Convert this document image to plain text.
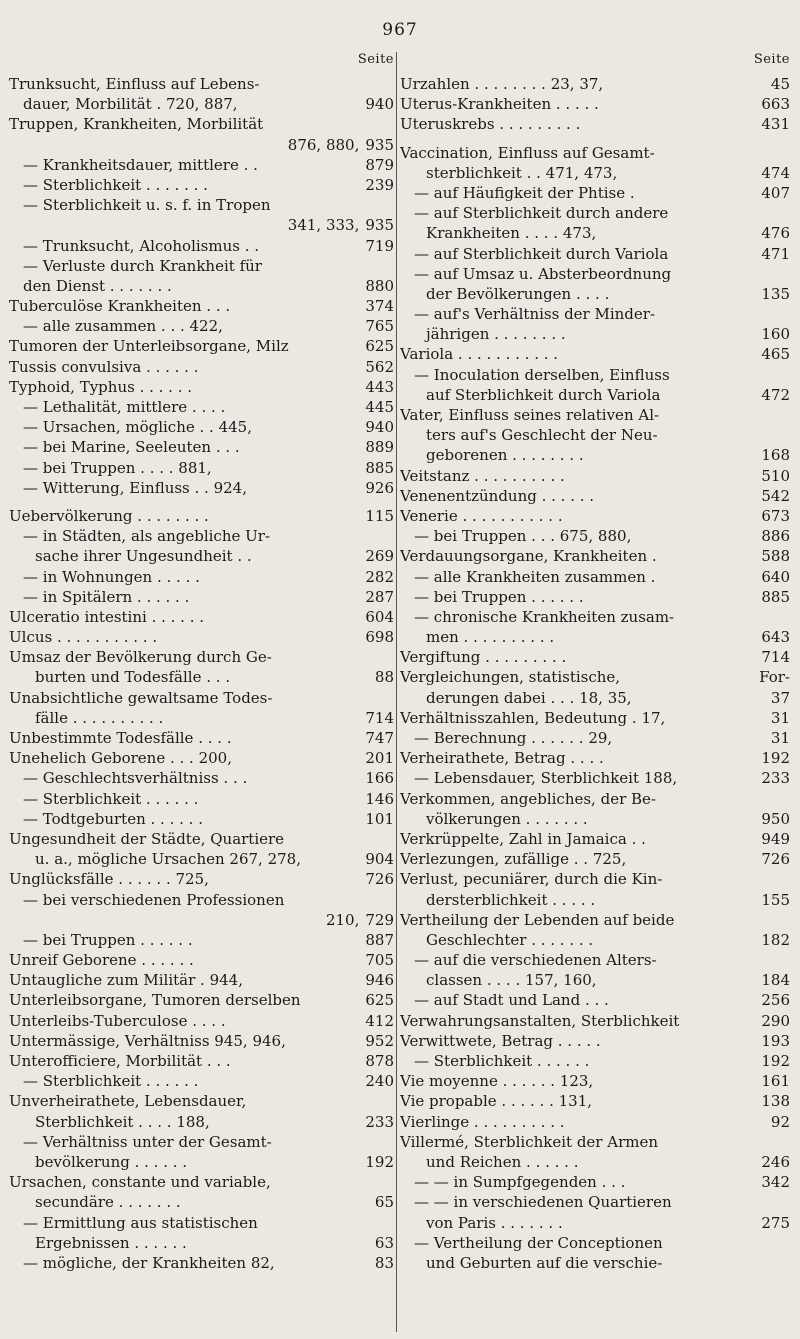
967
Seite
Trunksucht, Einfluss auf Lebens-
dauer, Morbilität . 720, 887,	940
Truppen, Krankheiten, Morbilität
876, 880, 935
— Krankheitsdauer, mittlere . .	879
— Sterblichkeit . . . . . . .	239
— Sterblichkeit u. s. f. in Tropen
341, 333, 935
— Trunksucht, Alcoholismus . .	719
— Verluste durch Krankheit für
den Dienst . . . . . . .	880
Tuberculöse Krankheiten . . .	374
— alle zusammen . . . 422,	765
Tumoren der Unterleibsorgane, Milz	625
Tussis convulsiva . . . . . .	562
Typhoid, Typhus . . . . . .	443
— Lethalität, mittlere . . . .	445
— Ursachen, mögliche . . 445,	940
— bei Marine, Seeleuten . . .	889
— bei Truppen . . . . 881,	885
— Witterung, Einfluss . . 924,	926
Uebervölkerung . . . . . . . .	115
— in Städten, als angebliche Ur-
sache ihrer Ungesundheit . .	269
— in Wohnungen . . . . .	282
— in Spitälern . . . . . .	287
Ulceratio intestini . . . . . .	604
Ulcus . . . . . . . . . . .	698
Umsaz der Bevölkerung durch Ge-
burten und Todesfälle . . .	88
Unabsichtliche gewaltsame Todes-
fälle . . . . . . . . . .	714
Unbestimmte Todesfälle . . . .	747
Unehelich Geborene . . . 200,	201
— Geschlechtsverhältniss . . .	166
— Sterblichkeit . . . . . .	146
— Todtgeburten . . . . . .	101
Ungesundheit der Städte, Quartiere
u. a., mögliche Ursachen 267, 278,	904
Unglücksfälle . . . . . . 725,	726
— bei verschiedenen Professionen
210, 729
— bei Truppen . . . . . .	887
Unreif Geborene . . . . . .	705
Untaugliche zum Militär . 944,	946
Unterleibsorgane, Tumoren derselben	625
Unterleibs-Tuberculose . . . .	412
Untermässige, Verhältniss 945, 946,	952
Unterofficiere, Morbilität . . .	878
— Sterblichkeit . . . . . .	240
Unverheirathete, Lebensdauer,
Sterblichkeit . . . . 188,	233
— Verhältniss unter der Gesamt-
bevölkerung . . . . . .	192
Ursachen, constante und variable,
secundäre . . . . . . .	65
— Ermittlung aus statistischen
Ergebnissen . . . . . .	63
— mögliche, der Krankheiten 82,	83
Seite
Urzahlen . . . . . . . . 23, 37,	45
Uterus-Krankheiten . . . . .	663
Uteruskrebs . . . . . . . . .	431
Vaccination, Einfluss auf Gesamt-
sterblichkeit . . 471, 473,	474
— auf Häufigkeit der Phtise .	407
— auf Sterblichkeit durch andere
Krankheiten . . . . 473,	476
— auf Sterblichkeit durch Variola	471
— auf Umsaz u. Absterbeordnung
der Bevölkerungen . . . .	135
— auf's Verhältniss der Minder-
jährigen . . . . . . . .	160
Variola . . . . . . . . . . .	465
— Inoculation derselben, Einfluss
auf Sterblichkeit durch Variola	472
Vater, Einfluss seines relativen Al-
ters auf's Geschlecht der Neu-
geborenen . . . . . . . .	168
Veitstanz . . . . . . . . . .	510
Venenentzündung . . . . . .	542
Venerie . . . . . . . . . . .	673
— bei Truppen . . . 675, 880,	886
Verdauungsorgane, Krankheiten .	588
— alle Krankheiten zusammen .	640
— bei Truppen . . . . . .	885
— chronische Krankheiten zusam-
men . . . . . . . . . .	643
Vergiftung . . . . . . . . .	714
Vergleichungen, statistische,	For-
derungen dabei . . . 18, 35,	37
Verhältnisszahlen, Bedeutung . 17,	31
— Berechnung . . . . . . 29,	31
Verheirathete, Betrag . . . .	192
— Lebensdauer, Sterblichkeit 188,	233
Verkommen, angebliches, der Be-
völkerungen . . . . . . .	950
Verkrüppelte, Zahl in Jamaica . .	949
Verlezungen, zufällige . . 725,	726
Verlust, pecuniärer, durch die Kin-
dersterblichkeit . . . . .	155
Vertheilung der Lebenden auf beide
Geschlechter . . . . . . .	182
— auf die verschiedenen Alters-
classen . . . . 157, 160,	184
— auf Stadt und Land . . .	256
Verwahrungsanstalten, Sterblichkeit	290
Verwittwete, Betrag . . . . .	193
— Sterblichkeit . . . . . .	192
Vie moyenne . . . . . . 123,	161
Vie propable . . . . . . 131,	138
Vierlinge . . . . . . . . . .	92
Villermé, Sterblichkeit der Armen
und Reichen . . . . . .	246
— — in Sumpfgegenden . . .	342
— — in verschiedenen Quartieren
von Paris . . . . . . .	275
— Vertheilung der Conceptionen
und Geburten auf die verschie-
